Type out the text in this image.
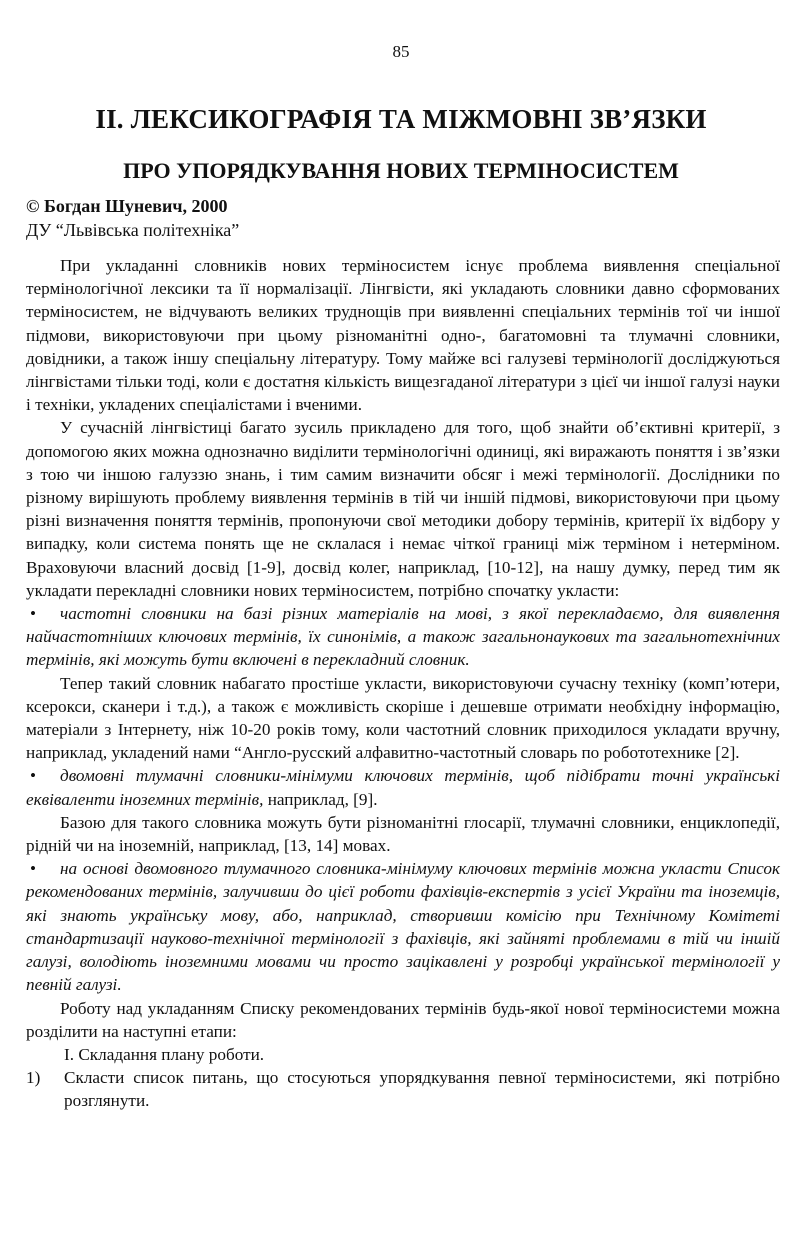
85
ІІ. ЛЕКСИКОГРАФІЯ ТА МІЖМОВНІ ЗВ’ЯЗКИ
ПРО УПОРЯДКУВАННЯ НОВИХ ТЕРМІНОСИСТЕМ
© Богдан Шуневич, 2000
ДУ “Львівська політехніка”

При укладанні словників нових терміносистем існує проблема виявлення спеціальної термінологічної лексики та її нормалізації. Лінгвісти, які укладають словники давно сформованих терміносистем, не відчувають великих труднощів при виявленні спеціальних термінів тої чи іншої підмови, використовуючи при цьому різноманітні одно-, багатомовні та тлумачні словники, довідники, а також іншу спеціальну літературу. Тому майже всі галузеві термінології досліджуються лінгвістами тільки тоді, коли є достатня кількість вищезгаданої літератури з цієї чи іншої галузі науки і техніки, укладених спеціалістами і вченими.

У сучасній лінгвістиці багато зусиль прикладено для того, щоб знайти об’єктивні критерії, з допомогою яких можна однозначно виділити термінологічні одиниці, які виражають поняття і зв’язки з тою чи іншою галуззю знань, і тим самим визначити обсяг і межі термінології. Дослідники по різному вирішують проблему виявлення термінів в тій чи іншій підмові, використовуючи при цьому різні визначення поняття термінів, пропонуючи свої методики добору термінів, критерії їх відбору у випадку, коли система понять ще не склалася і немає чіткої границі між терміном і нетерміном. Враховуючи власний досвід [1-9], досвід колег, наприклад, [10-12], на нашу думку, перед тим як укладати перекладні словники нових терміносистем, потрібно спочатку укласти:

• частотні словники на базі різних матеріалів на мові, з якої перекладаємо, для виявлення найчастотніших ключових термінів, їх синонімів, а також загальнонаукових та загальнотехнічних термінів, які можуть бути включені в перекладний словник.

Тепер такий словник набагато простіше укласти, використовуючи сучасну техніку (комп’ютери, ксерокси, сканери і т.д.), а також є можливість скоріше і дешевше отримати необхідну інформацію, матеріали з Інтернету, ніж 10-20 років тому, коли частотний словник приходилося укладати вручну, наприклад, укладений нами “Англо-русский алфавитно-частотный словарь по робототехнике [2].

• двомовні тлумачні словники-мінімуми ключових термінів, щоб підібрати точні українські еквіваленти іноземних термінів, наприклад, [9].

Базою для такого словника можуть бути різноманітні глосарії, тлумачні словники, енциклопедії, рідній чи на іноземній, наприклад, [13, 14] мовах.

• на основі двомовного тлумачного словника-мінімуму ключових термінів можна укласти Список рекомендованих термінів, залучивши до цієї роботи фахівців-експертів з усієї України та іноземців, які знають українську мову, або, наприклад, створивши комісію при Технічному Комітеті стандартизації науково-технічної термінології з фахівців, які зайняті проблемами в тій чи іншій галузі, володіють іноземними мовами чи просто зацікавлені у розробці української термінології у певній галузі.

Роботу над укладанням Списку рекомендованих термінів будь-якої нової терміносистеми можна розділити на наступні етапи:

І. Складання плану роботи.

1)	Скласти список питань, що стосуються упорядкування певної терміносистеми, які потрібно розглянути.
